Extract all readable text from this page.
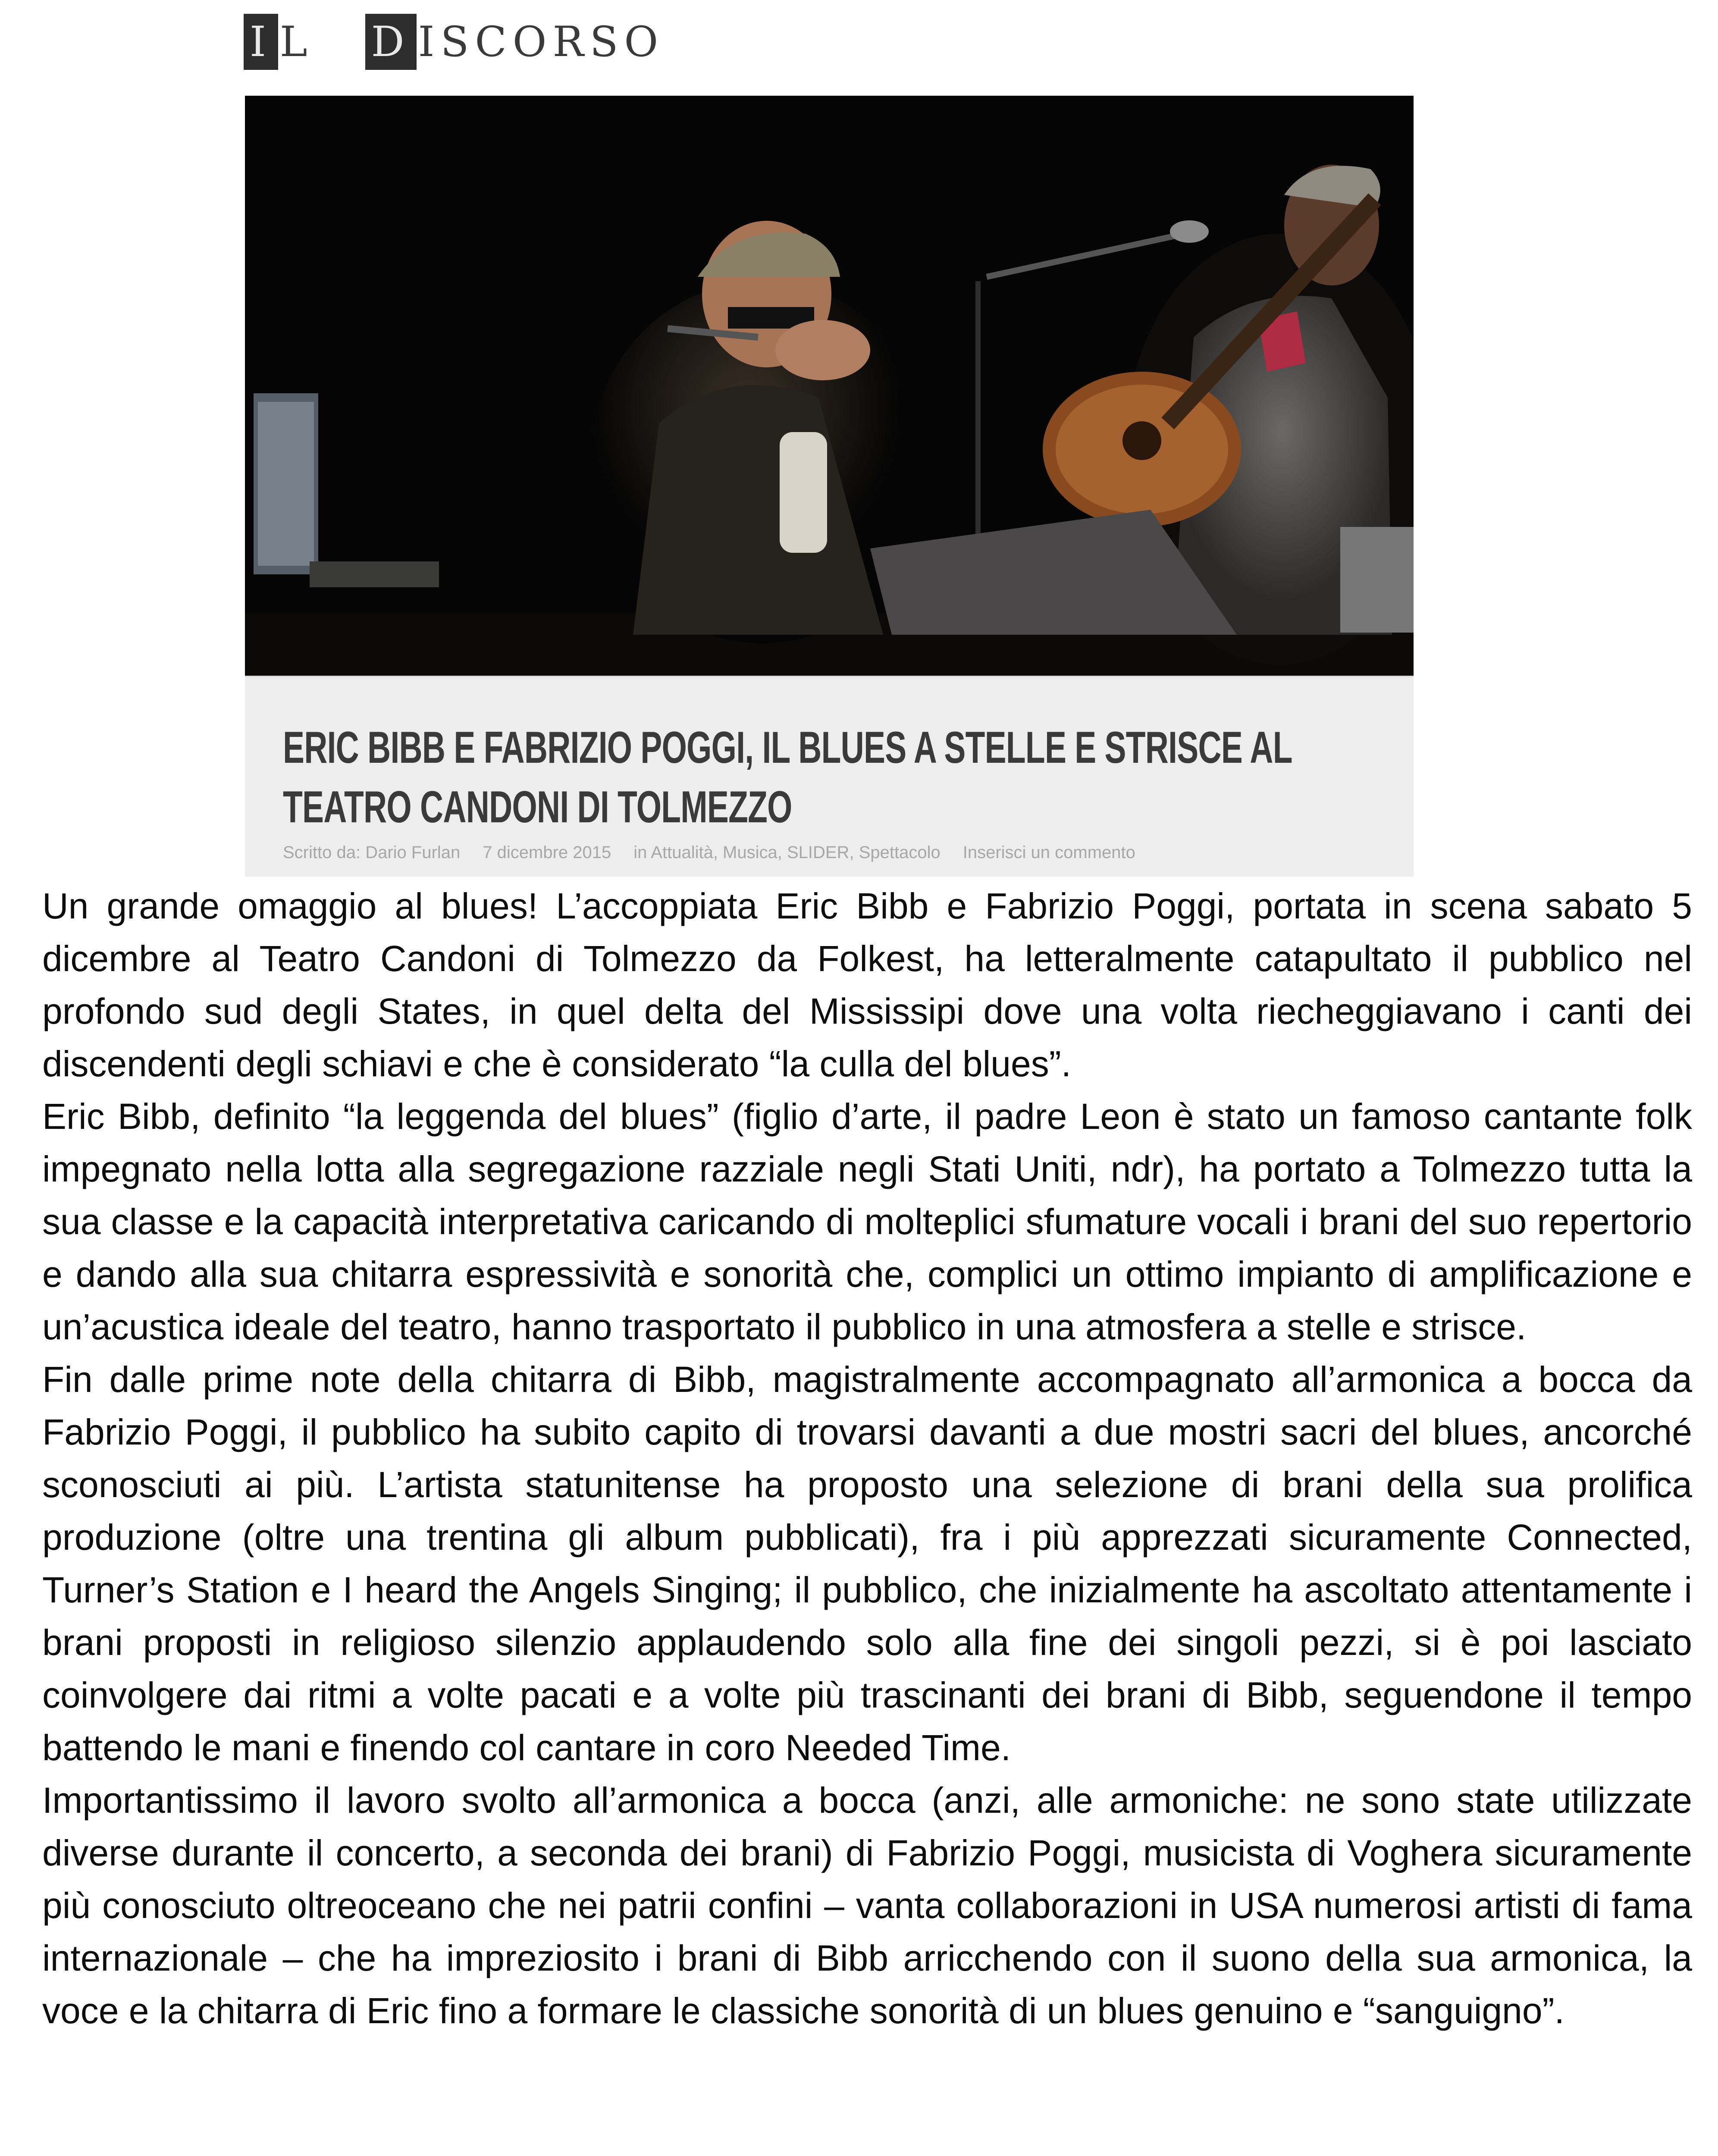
I L D ISCORSO
ERIC BIBB E FABRIZIO POGGI, IL BLUES A STELLE E STRISCE AL TEATRO CANDONI DI TOLMEZZO
Scritto da: Dario Furlan 7 dicembre 2015 in Attualità, Musica, SLIDER, Spettacolo Inserisci un commento

Un grande omaggio al blues! L’accoppiata Eric Bibb e Fabrizio Poggi, portata in scena sabato 5 dicembre al Teatro Candoni di Tolmezzo da Folkest, ha letteralmente catapultato il pubblico nel profondo sud degli States, in quel delta del Mississipi dove una volta riecheggiavano i canti dei discendenti degli schiavi e che è considerato “la culla del blues”.

Eric Bibb, definito “la leggenda del blues” (figlio d’arte, il padre Leon è stato un famoso cantante folk impegnato nella lotta alla segregazione razziale negli Stati Uniti, ndr), ha portato a Tolmezzo tutta la sua classe e la capacità interpretativa caricando di molteplici sfumature vocali i brani del suo repertorio e dando alla sua chitarra espressività e sonorità che, complici un ottimo impianto di amplificazione e un’acustica ideale del teatro, hanno trasportato il pubblico in una atmosfera a stelle e strisce.

Fin dalle prime note della chitarra di Bibb, magistralmente accompagnato all’armonica a bocca da Fabrizio Poggi, il pubblico ha subito capito di trovarsi davanti a due mostri sacri del blues, ancorché sconosciuti ai più. L’artista statunitense ha proposto una selezione di brani della sua prolifica produzione (oltre una trentina gli album pubblicati), fra i più apprezzati sicuramente Connected, Turner’s Station e I heard the Angels Singing; il pubblico, che inizialmente ha ascoltato attentamente i brani proposti in religioso silenzio applaudendo solo alla fine dei singoli pezzi, si è poi lasciato coinvolgere dai ritmi a volte pacati e a volte più trascinanti dei brani di Bibb, seguendone il tempo battendo le mani e finendo col cantare in coro Needed Time.

Importantissimo il lavoro svolto all’armonica a bocca (anzi, alle armoniche: ne sono state utilizzate diverse durante il concerto, a seconda dei brani) di Fabrizio Poggi, musicista di Voghera sicuramente più conosciuto oltreoceano che nei patrii confini – vanta collaborazioni in USA numerosi artisti di fama internazionale – che ha impreziosito i brani di Bibb arricchendo con il suono della sua armonica, la voce e la chitarra di Eric fino a formare le classiche sonorità di un blues genuino e “sanguigno”.
